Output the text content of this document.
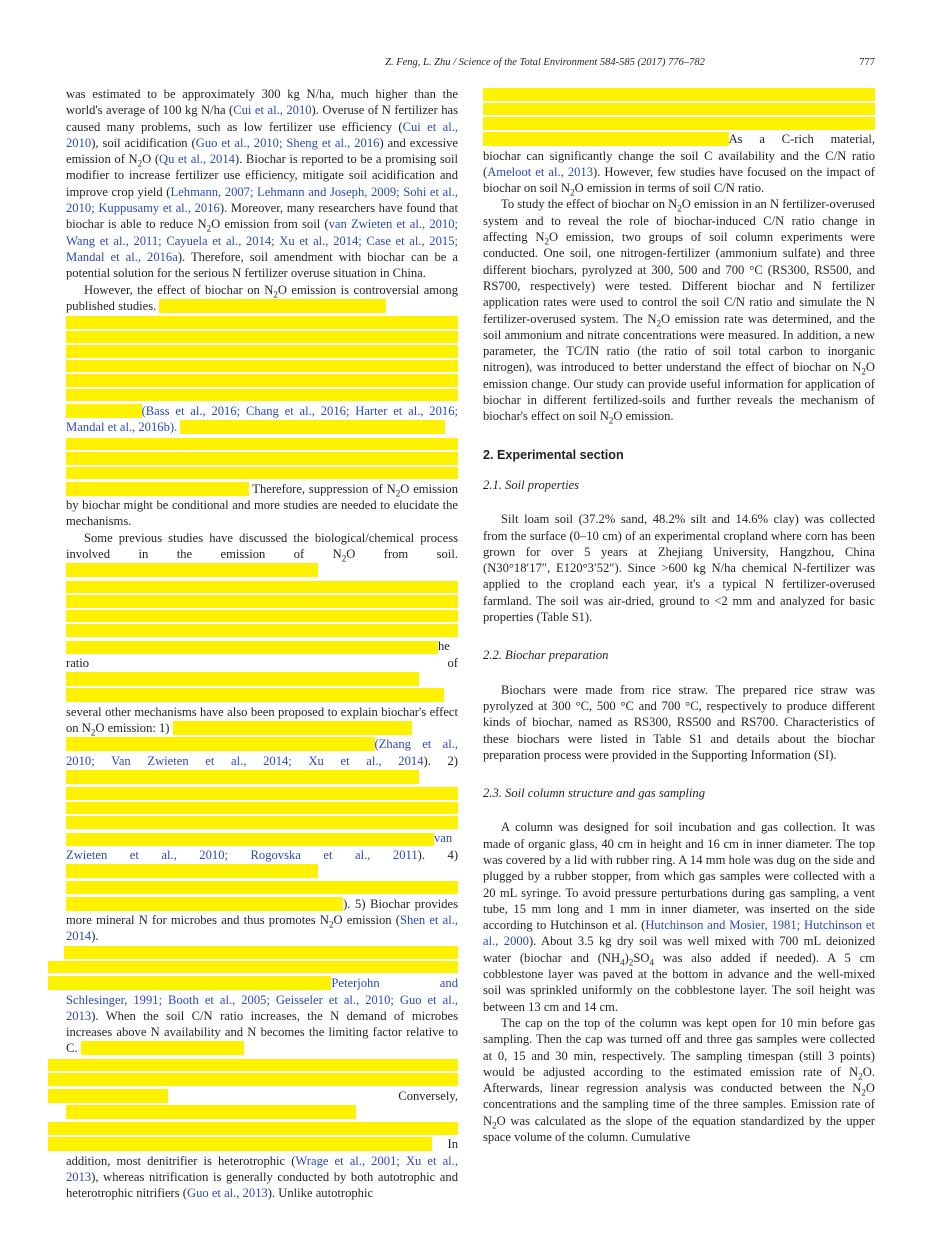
Z. Feng, L. Zhu / Science of the Total Environment 584-585 (2017) 776–782	777

was estimated to be approximately 300 kg N/ha, much higher than the world's average of 100 kg N/ha (Cui et al., 2010). Overuse of N fertilizer has caused many problems, such as low fertilizer use efficiency (Cui et al., 2010), soil acidification (Guo et al., 2010; Sheng et al., 2016) and excessive emission of $N_2O$ (Qu et al., 2014). Biochar is reported to be a promising soil modifier to increase fertilizer use efficiency, mitigate soil acidification and improve crop yield (Lehmann, 2007; Lehmann and Joseph, 2009; Sohi et al., 2010; Kuppusamy et al., 2016). Moreover, many researchers have found that biochar is able to reduce $N_2O$ emission from soil (van Zwieten et al., 2010; Wang et al., 2011; Cayuela et al., 2014; Xu et al., 2014; Case et al., 2015; Mandal et al., 2016a). Therefore, soil amendment with biochar can be a potential solution for the serious N fertilizer overuse situation in China.

However, the effect of biochar on $N_2O$ emission is controversial among published studies.
(Bass et al., 2016; Chang et al., 2016; Harter et al., 2016; Mandal et al., 2016b).
Therefore, suppression of $N_2O$ emission by biochar might be conditional and more studies are needed to elucidate the mechanisms.

Some previous studies have discussed the biological/chemical process involved in the emission of $N_2O$ from soil.
he
ratio of
several other mechanisms have also been proposed to explain biochar's effect on $N_2O$ emission: 1)
(Zhang et al., 2010; Van Zwieten et al., 2014; Xu et al., 2014). 2)
van
Zwieten et al., 2010; Rogovska et al., 2011). 4)
). 5) Biochar provides more mineral N for microbes and thus promotes $N_2O$ emission (Shen et al., 2014).

Peterjohn and Schlesinger, 1991; Booth et al., 2005; Geisseler et al., 2010; Guo et al., 2013). When the soil C/N ratio increases, the N demand of microbes increases above N availability and N becomes the limiting factor relative to C.
Conversely,
In addition, most denitrifier is heterotrophic (Wrage et al., 2001; Xu et al., 2013), whereas nitrification is generally conducted by both autotrophic and heterotrophic nitrifiers (Guo et al., 2013). Unlike autotrophic

As a C-rich material, biochar can significantly change the soil C availability and the C/N ratio (Ameloot et al., 2013). However, few studies have focused on the impact of biochar on soil $N_2O$ emission in terms of soil C/N ratio.

To study the effect of biochar on $N_2O$ emission in an N fertilizer-overused system and to reveal the role of biochar-induced C/N ratio change in affecting $N_2O$ emission, two groups of soil column experiments were conducted. One soil, one nitrogen-fertilizer (ammonium sulfate) and three different biochars, pyrolyzed at 300, 500 and 700 °C (RS300, RS500, and RS700, respectively) were tested. Different biochar and N fertilizer application rates were used to control the soil C/N ratio and simulate the N fertilizer-overused system. The $N_2O$ emission rate was determined, and the soil ammonium and nitrate concentrations were measured. In addition, a new parameter, the TC/IN ratio (the ratio of soil total carbon to inorganic nitrogen), was introduced to better understand the effect of biochar on $N_2O$ emission change. Our study can provide useful information for application of biochar in different fertilized-soils and further reveals the mechanism of biochar's effect on soil $N_2O$ emission.

2. Experimental section
2.1. Soil properties

Silt loam soil (37.2% sand, 48.2% silt and 14.6% clay) was collected from the surface (0–10 cm) of an experimental cropland where corn has been grown for over 5 years at Zhejiang University, Hangzhou, China (N30°18′17″, E120°3′52″). Since >600 kg N/ha chemical N-fertilizer was applied to the cropland each year, it's a typical N fertilizer-overused farmland. The soil was air-dried, ground to <2 mm and analyzed for basic properties (Table S1).

2.2. Biochar preparation

Biochars were made from rice straw. The prepared rice straw was pyrolyzed at 300 °C, 500 °C and 700 °C, respectively to produce different kinds of biochar, named as RS300, RS500 and RS700. Characteristics of these biochars were listed in Table S1 and details about the biochar preparation process were provided in the Supporting Information (SI).

2.3. Soil column structure and gas sampling

A column was designed for soil incubation and gas collection. It was made of organic glass, 40 cm in height and 16 cm in inner diameter. The top was covered by a lid with rubber ring. A 14 mm hole was dug on the side and plugged by a rubber stopper, from which gas samples were collected with a 20 mL syringe. To avoid pressure perturbations during gas sampling, a vent tube, 15 mm long and 1 mm in inner diameter, was inserted on the side according to Hutchinson et al. (Hutchinson and Mosier, 1981; Hutchinson et al., 2000). About 3.5 kg dry soil was well mixed with 700 mL deionized water (biochar and $(NH_4)_2SO_4$ was also added if needed). A 5 cm cobblestone layer was paved at the bottom in advance and the well-mixed soil was sprinkled uniformly on the cobblestone layer. The soil height was between 13 cm and 14 cm.

The cap on the top of the column was kept open for 10 min before gas sampling. Then the cap was turned off and three gas samples were collected at 0, 15 and 30 min, respectively. The sampling timespan (still 3 points) would be adjusted according to the estimated emission rate of $N_2O$. Afterwards, linear regression analysis was conducted between the $N_2O$ concentrations and the sampling time of the three samples. Emission rate of $N_2O$ was calculated as the slope of the equation standardized by the upper space volume of the column. Cumulative
